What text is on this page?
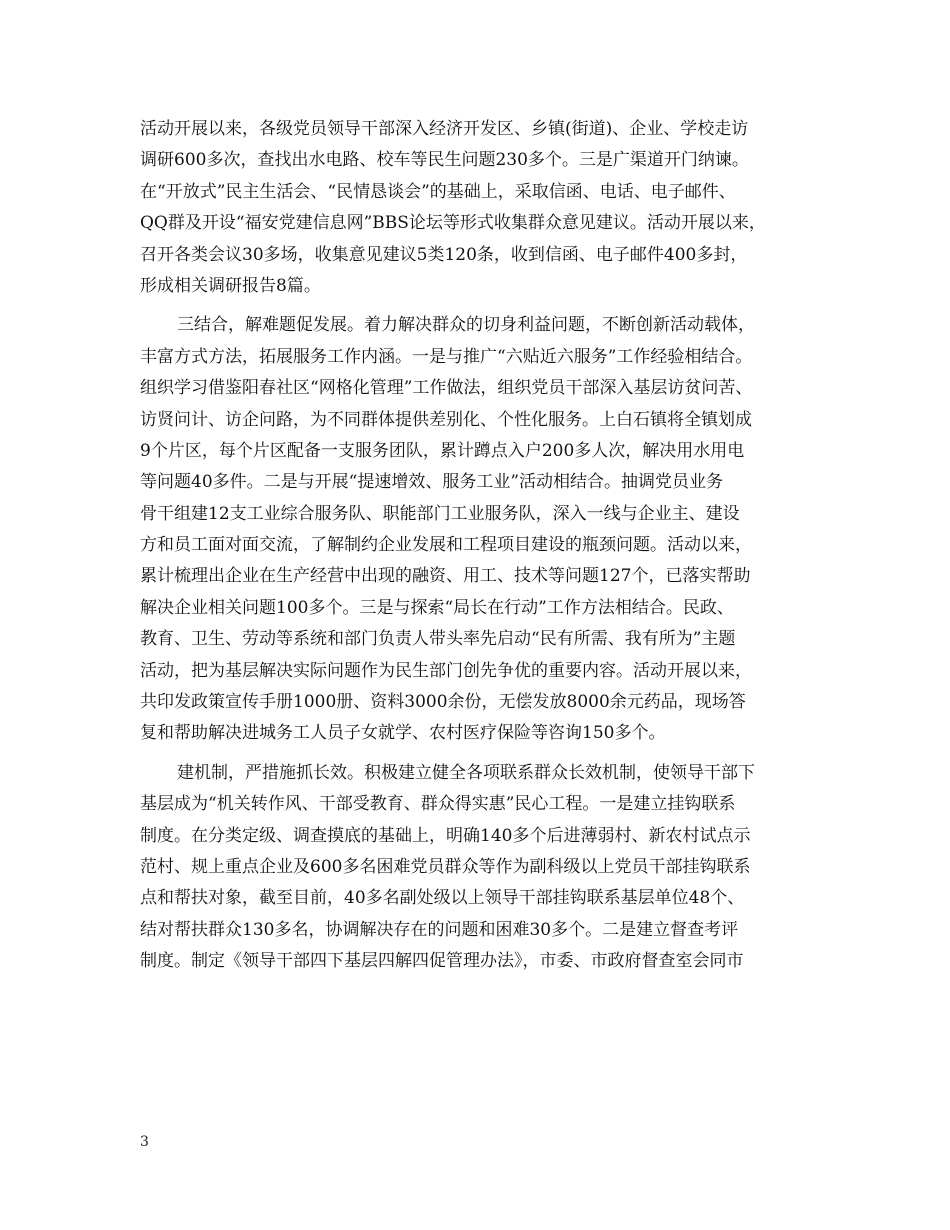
活动开展以来，各级党员领导干部深入经济开发区、乡镇(街道)、企业、学校走访
调研600多次，查找出水电路、校车等民生问题230多个。三是广渠道开门纳谏。
在“开放式”民主生活会、“民情恳谈会”的基础上，采取信函、电话、电子邮件、
QQ群及开设“福安党建信息网”BBS论坛等形式收集群众意见建议。活动开展以来，
召开各类会议30多场，收集意见建议5类120条，收到信函、电子邮件400多封，
形成相关调研报告8篇。
三结合，解难题促发展。着力解决群众的切身利益问题，不断创新活动载体，
丰富方式方法，拓展服务工作内涵。一是与推广“六贴近六服务”工作经验相结合。
组织学习借鉴阳春社区“网格化管理”工作做法，组织党员干部深入基层访贫问苦、
访贤问计、访企问路，为不同群体提供差别化、个性化服务。上白石镇将全镇划成
9个片区，每个片区配备一支服务团队，累计蹲点入户200多人次，解决用水用电
等问题40多件。二是与开展“提速增效、服务工业”活动相结合。抽调党员业务
骨干组建12支工业综合服务队、职能部门工业服务队，深入一线与企业主、建设
方和员工面对面交流，了解制约企业发展和工程项目建设的瓶颈问题。活动以来，
累计梳理出企业在生产经营中出现的融资、用工、技术等问题127个，已落实帮助
解决企业相关问题100多个。三是与探索“局长在行动”工作方法相结合。民政、
教育、卫生、劳动等系统和部门负责人带头率先启动“民有所需、我有所为”主题
活动，把为基层解决实际问题作为民生部门创先争优的重要内容。活动开展以来，
共印发政策宣传手册1000册、资料3000余份，无偿发放8000余元药品，现场答
复和帮助解决进城务工人员子女就学、农村医疗保险等咨询150多个。
建机制，严措施抓长效。积极建立健全各项联系群众长效机制，使领导干部下
基层成为“机关转作风、干部受教育、群众得实惠”民心工程。一是建立挂钩联系
制度。在分类定级、调查摸底的基础上，明确140多个后进薄弱村、新农村试点示
范村、规上重点企业及600多名困难党员群众等作为副科级以上党员干部挂钩联系
点和帮扶对象，截至目前，40多名副处级以上领导干部挂钩联系基层单位48个、
结对帮扶群众130多名，协调解决存在的问题和困难30多个。二是建立督查考评
制度。制定《领导干部四下基层四解四促管理办法》，市委、市政府督查室会同市
3
